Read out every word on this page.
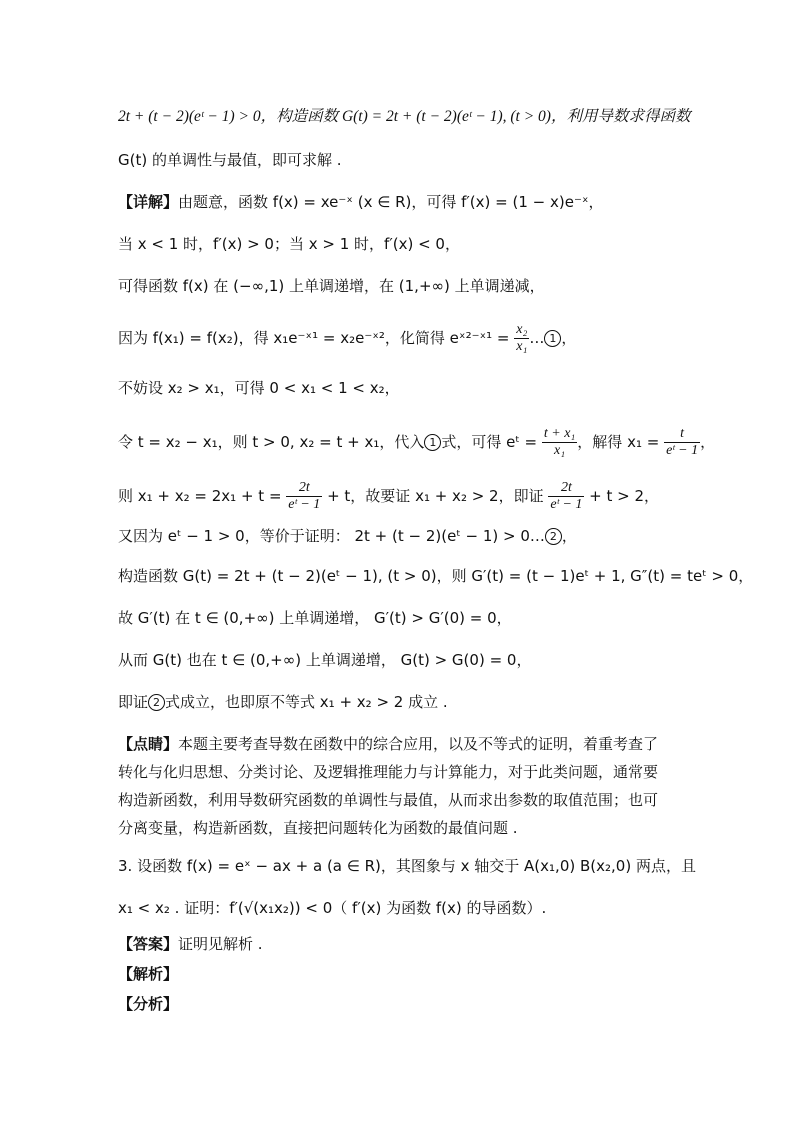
2t + (t − 2)(eᵗ − 1) > 0，构造函数 G(t) = 2t + (t − 2)(eᵗ − 1), (t > 0)，利用导数求得函数
G(t) 的单调性与最值，即可求解 .
【详解】由题意，函数 f(x) = xe⁻ˣ (x ∈ R)，可得 f′(x) = (1 − x)e⁻ˣ，
当 x < 1 时，f′(x) > 0；当 x > 1 时，f′(x) < 0，
可得函数 f(x) 在 (−∞,1) 上单调递增，在 (1,+∞) 上单调递减，
因为 f(x₁) = f(x₂)，得 x₁e⁻ˣ¹ = x₂e⁻ˣ²，化简得 eˣ²⁻ˣ¹ = $\frac{\text{x₂}}{\text{x₁}}$ … 1 ，
不妨设 x₂ > x₁，可得 0 < x₁ < 1 < x₂，
令 t = x₂ − x₁，则 t > 0, x₂ = t + x₁，代入 1 式，可得 eᵗ = $\frac{\text{t + x₁}}{\text{x₁}}$ ，解得 $x_1 = \frac{t}{\text{eᵗ − 1}}$ ，
则 $x_1 + x_2 = 2x_1 + t = \frac{2t}{\text{eᵗ − 1}} + t$，故要证 x₁ + x₂ > 2，即证 $\frac{2t}{\text{eᵗ − 1}} + t > 2$，
又因为 eᵗ − 1 > 0，等价于证明： 2t + (t − 2)(eᵗ − 1) > 0… 2 ，
构造函数 G(t) = 2t + (t − 2)(eᵗ − 1), (t > 0)，则 G′(t) = (t − 1)eᵗ + 1, G″(t) = teᵗ > 0，
故 G′(t) 在 t ∈ (0,+∞) 上单调递增， G′(t) > G′(0) = 0，
从而 G(t) 也在 t ∈ (0,+∞) 上单调递增， G(t) > G(0) = 0，
即证 2 式成立，也即原不等式 x₁ + x₂ > 2 成立 .
【点睛】本题主要考查导数在函数中的综合应用，以及不等式的证明，着重考查了
转化与化归思想、分类讨论、及逻辑推理能力与计算能力，对于此类问题，通常要
构造新函数，利用导数研究函数的单调性与最值，从而求出参数的取值范围；也可
分离变量，构造新函数，直接把问题转化为函数的最值问题 .
3. 设函数 f(x) = eˣ − ax + a (a ∈ R)，其图象与 x 轴交于 A(x₁,0) B(x₂,0) 两点，且
x₁ < x₂ . 证明：f′(√(x₁x₂)) < 0（ f′(x) 为函数 f(x) 的导函数）.
【答案】证明见解析 .
【解析】
【分析】
